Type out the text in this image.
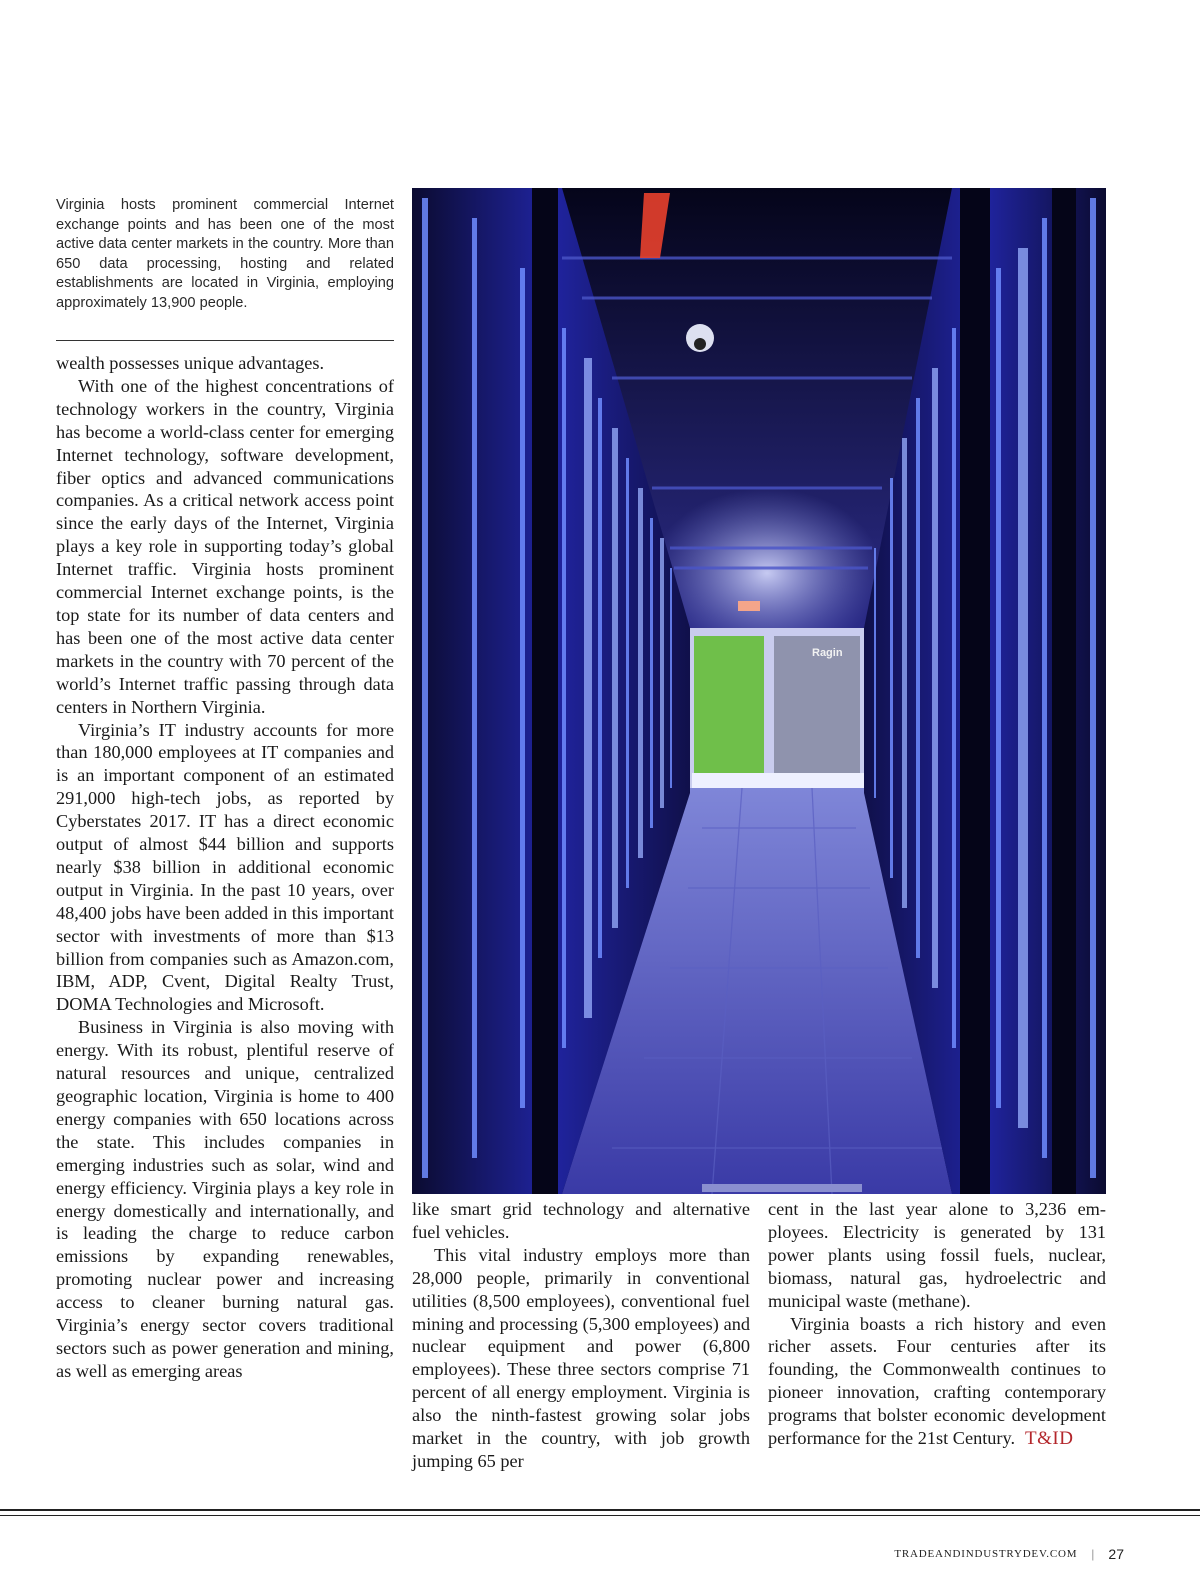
Virginia hosts prominent commercial Internet exchange points and has been one of the most active data center markets in the country. More than 650 data processing, hosting and related establishments are located in Virginia, employing approximately 13,900 people.

wealth possesses unique advantages.

With one of the highest concentrations of technology workers in the country, Virginia has become a world-class center for emerging Internet technology, software development, fiber optics and advanced communications companies. As a critical network access point since the early days of the Internet, Virginia plays a key role in supporting today’s global Internet traffic. Virginia hosts prominent commercial Internet exchange points, is the top state for its number of data centers and has been one of the most active data center markets in the country with 70 percent of the world’s Internet traffic passing through data centers in Northern Virginia.

Virginia’s IT industry accounts for more than 180,000 employees at IT companies and is an important component of an estimated 291,000 high-tech jobs, as reported by Cyberstates 2017. IT has a direct economic output of almost $44 billion and supports nearly $38 billion in additional economic output in Virginia. In the past 10 years, over 48,400 jobs have been added in this important sector with investments of more than $13 billion from companies such as Amazon.com, IBM, ADP, Cvent, Digital Realty Trust, DOMA Technologies and Microsoft.

Business in Virginia is also moving with energy. With its robust, plentiful reserve of natural resources and unique, centralized geographic location, Virginia is home to 400 energy companies with 650 locations across the state. This includes companies in emerging industries such as solar, wind and energy efficiency. Virginia plays a key role in energy domestically and internationally, and is leading the charge to reduce carbon emissions by expanding renewables, promoting nuclear power and increasing access to cleaner burning natural gas. Virginia’s energy sector covers traditional sectors such as power generation and mining, as well as emerging areas

Ragin

like smart grid technology and alternative fuel vehicles.

This vital industry employs more than 28,000 people, primarily in conventional utilities (8,500 employees), conventional fuel mining and processing (5,300 employees) and nuclear equipment and power (6,800 employees). These three sectors comprise 71 percent of all energy employment. Virginia is also the ninth-fastest growing solar jobs market in the country, with job growth jumping 65 per

cent in the last year alone to 3,236 employees. Electricity is generated by 131 power plants using fossil fuels, nuclear, biomass, natural gas, hydroelectric and municipal waste (methane).

Virginia boasts a rich history and even richer assets. Four centuries after its founding, the Commonwealth continues to pioneer innovation, crafting contemporary programs that bolster economic development performance for the 21st Century. T&ID

TRADEANDINDUSTRYDEV.COM | 27
